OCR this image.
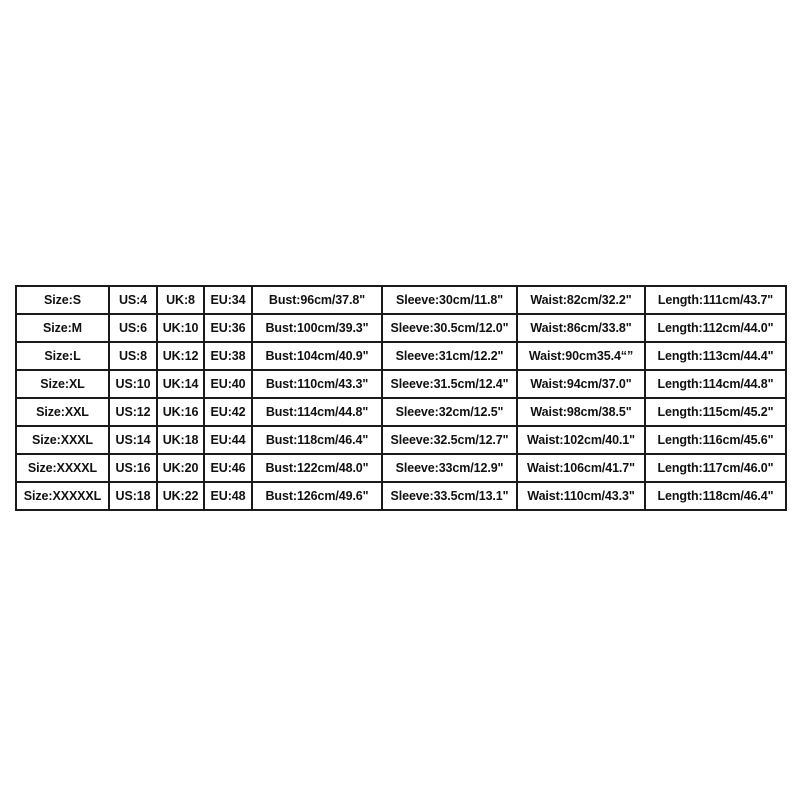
Size:S	US:4	UK:8	EU:34	Bust:96cm/37.8"	Sleeve:30cm/11.8"	Waist:82cm/32.2"	Length:111cm/43.7"
Size:M	US:6	UK:10	EU:36	Bust:100cm/39.3"	Sleeve:30.5cm/12.0"	Waist:86cm/33.8"	Length:112cm/44.0"
Size:L	US:8	UK:12	EU:38	Bust:104cm/40.9"	Sleeve:31cm/12.2"	Waist:90cm35.4“”	Length:113cm/44.4"
Size:XL	US:10	UK:14	EU:40	Bust:110cm/43.3"	Sleeve:31.5cm/12.4"	Waist:94cm/37.0"	Length:114cm/44.8"
Size:XXL	US:12	UK:16	EU:42	Bust:114cm/44.8"	Sleeve:32cm/12.5"	Waist:98cm/38.5"	Length:115cm/45.2"
Size:XXXL	US:14	UK:18	EU:44	Bust:118cm/46.4"	Sleeve:32.5cm/12.7"	Waist:102cm/40.1"	Length:116cm/45.6"
Size:XXXXL	US:16	UK:20	EU:46	Bust:122cm/48.0"	Sleeve:33cm/12.9"	Waist:106cm/41.7"	Length:117cm/46.0"
Size:XXXXXL	US:18	UK:22	EU:48	Bust:126cm/49.6"	Sleeve:33.5cm/13.1"	Waist:110cm/43.3"	Length:118cm/46.4"
